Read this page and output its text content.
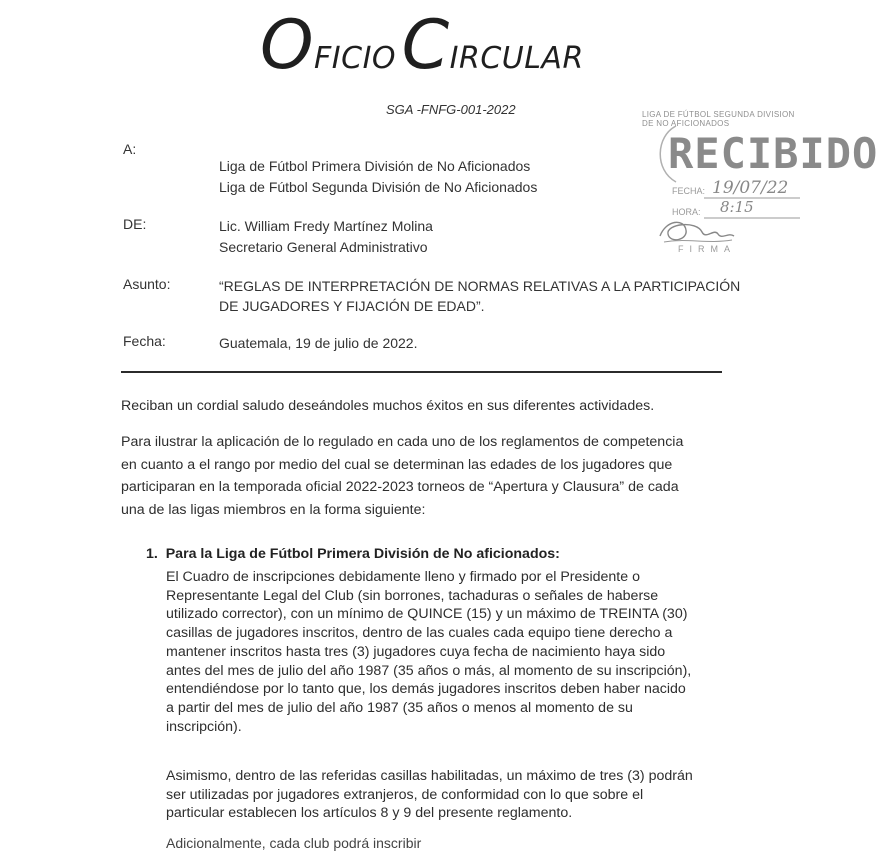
OFICIO CIRCULAR
SGA -FNFG-001-2022	LIGA DE FÚTBOL SEGUNDA DIVISION
DE NO AFICIONADOS
RECIBIDO
FECHA: 19/07/22
HORA: 8:15
FIRMA
A:
Liga de Fútbol Primera División de No Aficionados
Liga de Fútbol Segunda División de No Aficionados
DE:	Lic. William Fredy Martínez Molina
Secretario General Administrativo
Asunto:	“REGLAS DE INTERPRETACIÓN DE NORMAS RELATIVAS A LA PARTICIPACIÓN
DE JUGADORES Y FIJACIÓN DE EDAD”.
Fecha:	Guatemala, 19 de julio de 2022.

Reciban un cordial saludo deseándoles muchos éxitos en sus diferentes actividades.

Para ilustrar la aplicación de lo regulado en cada uno de los reglamentos de competencia
en cuanto a el rango por medio del cual se determinan las edades de los jugadores que
participaran en la temporada oficial 2022-2023 torneos de “Apertura y Clausura” de cada
una de las ligas miembros en la forma siguiente:
1.  Para la Liga de Fútbol Primera División de No aficionados:
El Cuadro de inscripciones debidamente lleno y firmado por el Presidente o
Representante Legal del Club (sin borrones, tachaduras o señales de haberse
utilizado corrector), con un mínimo de QUINCE (15) y un máximo de TREINTA (30)
casillas de jugadores inscritos, dentro de las cuales cada equipo tiene derecho a
mantener inscritos hasta tres (3) jugadores cuya fecha de nacimiento haya sido
antes del mes de julio del año 1987 (35 años o más, al momento de su inscripción),
entendiéndose por lo tanto que, los demás jugadores inscritos deben haber nacido
a partir del mes de julio del año 1987 (35 años o menos al momento de su
inscripción).
Asimismo, dentro de las referidas casillas habilitadas, un máximo de tres (3) podrán
ser utilizadas por jugadores extranjeros, de conformidad con lo que sobre el
particular establecen los artículos 8 y 9 del presente reglamento.
Adicionalmente, cada club podrá inscribir
